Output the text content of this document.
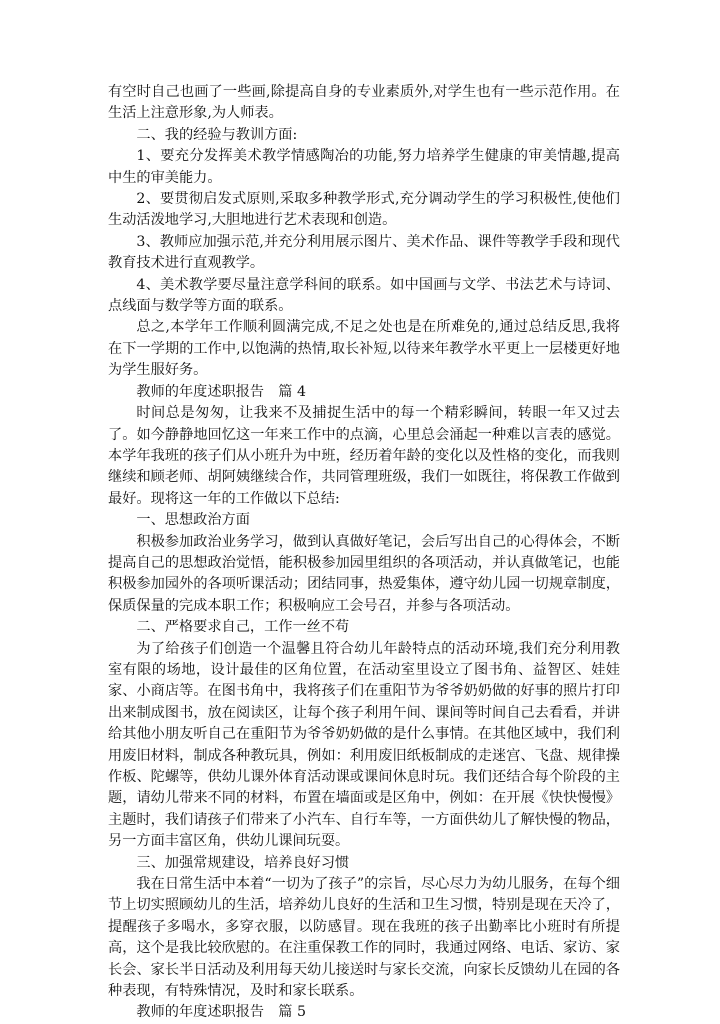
有空时自己也画了一些画,除提高自身的专业素质外,对学生也有一些示范作用。在生活上注意形象,为人师表。

二、我的经验与教训方面:

1、要充分发挥美术教学情感陶冶的功能,努力培养学生健康的审美情趣,提高中生的审美能力。

2、要贯彻启发式原则,采取多种教学形式,充分调动学生的学习积极性,使他们生动活泼地学习,大胆地进行艺术表现和创造。

3、教师应加强示范,并充分利用展示图片、美术作品、课件等教学手段和现代教育技术进行直观教学。

4、美术教学要尽量注意学科间的联系。如中国画与文学、书法艺术与诗词、点线面与数学等方面的联系。

总之,本学年工作顺利圆满完成,不足之处也是在所难免的,通过总结反思,我将在下一学期的工作中,以饱满的热情,取长补短,以待来年教学水平更上一层楼更好地为学生服好务。

教师的年度述职报告　篇 4

时间总是匆匆，让我来不及捕捉生活中的每一个精彩瞬间，转眼一年又过去了。如今静静地回忆这一年来工作中的点滴，心里总会涌起一种难以言表的感觉。本学年我班的孩子们从小班升为中班，经历着年龄的变化以及性格的变化，而我则继续和顾老师、胡阿姨继续合作，共同管理班级，我们一如既往，将保教工作做到最好。现将这一年的工作做以下总结:

一、思想政治方面

积极参加政治业务学习，做到认真做好笔记，会后写出自己的心得体会，不断提高自己的思想政治觉悟，能积极参加园里组织的各项活动，并认真做笔记，也能积极参加园外的各项听课活动；团结同事，热爱集体，遵守幼儿园一切规章制度，保质保量的完成本职工作；积极响应工会号召，并参与各项活动。

二、严格要求自己，工作一丝不苟

为了给孩子们创造一个温馨且符合幼儿年龄特点的活动环境,我们充分利用教室有限的场地，设计最佳的区角位置，在活动室里设立了图书角、益智区、娃娃家、小商店等。在图书角中，我将孩子们在重阳节为爷爷奶奶做的好事的照片打印出来制成图书，放在阅读区，让每个孩子利用午间、课间等时间自己去看看，并讲给其他小朋友听自己在重阳节为爷爷奶奶做的是什么事情。在其他区域中，我们利用废旧材料，制成各种教玩具，例如：利用废旧纸板制成的走迷宫、飞盘、规律操作板、陀螺等，供幼儿课外体育活动课或课间休息时玩。我们还结合每个阶段的主题，请幼儿带来不同的材料，布置在墙面或是区角中，例如：在开展《快快慢慢》主题时，我们请孩子们带来了小汽车、自行车等，一方面供幼儿了解快慢的物品，另一方面丰富区角，供幼儿课间玩耍。

三、加强常规建设，培养良好习惯

我在日常生活中本着“一切为了孩子”的宗旨，尽心尽力为幼儿服务，在每个细节上切实照顾幼儿的生活，培养幼儿良好的生活和卫生习惯，特别是现在天冷了，提醒孩子多喝水，多穿衣服，以防感冒。现在我班的孩子出勤率比小班时有所提高，这个是我比较欣慰的。在注重保教工作的同时，我通过网络、电话、家访、家长会、家长半日活动及利用每天幼儿接送时与家长交流，向家长反馈幼儿在园的各种表现，有特殊情况，及时和家长联系。

教师的年度述职报告　篇 5
